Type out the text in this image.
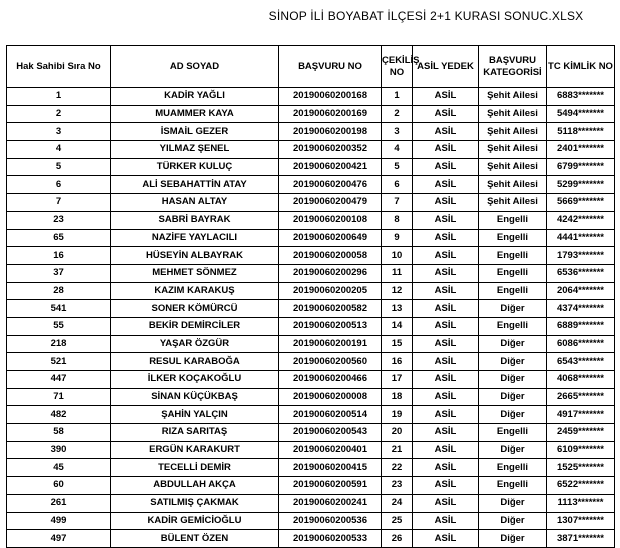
SİNOP İLİ BOYABAT İLÇESİ 2+1 KURASI SONUC.XLSX
Hak Sahibi Sıra No	AD SOYAD	BAŞVURU NO	ÇEKİLİŞ NO	ASİL YEDEK	BAŞVURU KATEGORİSİ	TC KİMLİK NO
1	KADİR YAĞLI	20190060200168	1	ASİL	Şehit Ailesi	6883*******
2	MUAMMER KAYA	20190060200169	2	ASİL	Şehit Ailesi	5494*******
3	İSMAİL GEZER	20190060200198	3	ASİL	Şehit Ailesi	5118*******
4	YILMAZ ŞENEL	20190060200352	4	ASİL	Şehit Ailesi	2401*******
5	TÜRKER KULUÇ	20190060200421	5	ASİL	Şehit Ailesi	6799*******
6	ALİ SEBAHATTİN ATAY	20190060200476	6	ASİL	Şehit Ailesi	5299*******
7	HASAN ALTAY	20190060200479	7	ASİL	Şehit Ailesi	5669*******
23	SABRİ BAYRAK	20190060200108	8	ASİL	Engelli	4242*******
65	NAZİFE YAYLACILI	20190060200649	9	ASİL	Engelli	4441*******
16	HÜSEYİN ALBAYRAK	20190060200058	10	ASİL	Engelli	1793*******
37	MEHMET SÖNMEZ	20190060200296	11	ASİL	Engelli	6536*******
28	KAZIM KARAKUŞ	20190060200205	12	ASİL	Engelli	2064*******
541	SONER KÖMÜRCÜ	20190060200582	13	ASİL	Diğer	4374*******
55	BEKİR DEMİRCİLER	20190060200513	14	ASİL	Engelli	6889*******
218	YAŞAR ÖZGÜR	20190060200191	15	ASİL	Diğer	6086*******
521	RESUL KARABOĞA	20190060200560	16	ASİL	Diğer	6543*******
447	İLKER KOÇAKOĞLU	20190060200466	17	ASİL	Diğer	4068*******
71	SİNAN KÜÇÜKBAŞ	20190060200008	18	ASİL	Diğer	2665*******
482	ŞAHİN YALÇIN	20190060200514	19	ASİL	Diğer	4917*******
58	RIZA SARITAŞ	20190060200543	20	ASİL	Engelli	2459*******
390	ERGÜN KARAKURT	20190060200401	21	ASİL	Diğer	6109*******
45	TECELLİ DEMİR	20190060200415	22	ASİL	Engelli	1525*******
60	ABDULLAH AKÇA	20190060200591	23	ASİL	Engelli	6522*******
261	SATILMIŞ ÇAKMAK	20190060200241	24	ASİL	Diğer	1113*******
499	KADİR GEMİCİOĞLU	20190060200536	25	ASİL	Diğer	1307*******
497	BÜLENT ÖZEN	20190060200533	26	ASİL	Diğer	3871*******
